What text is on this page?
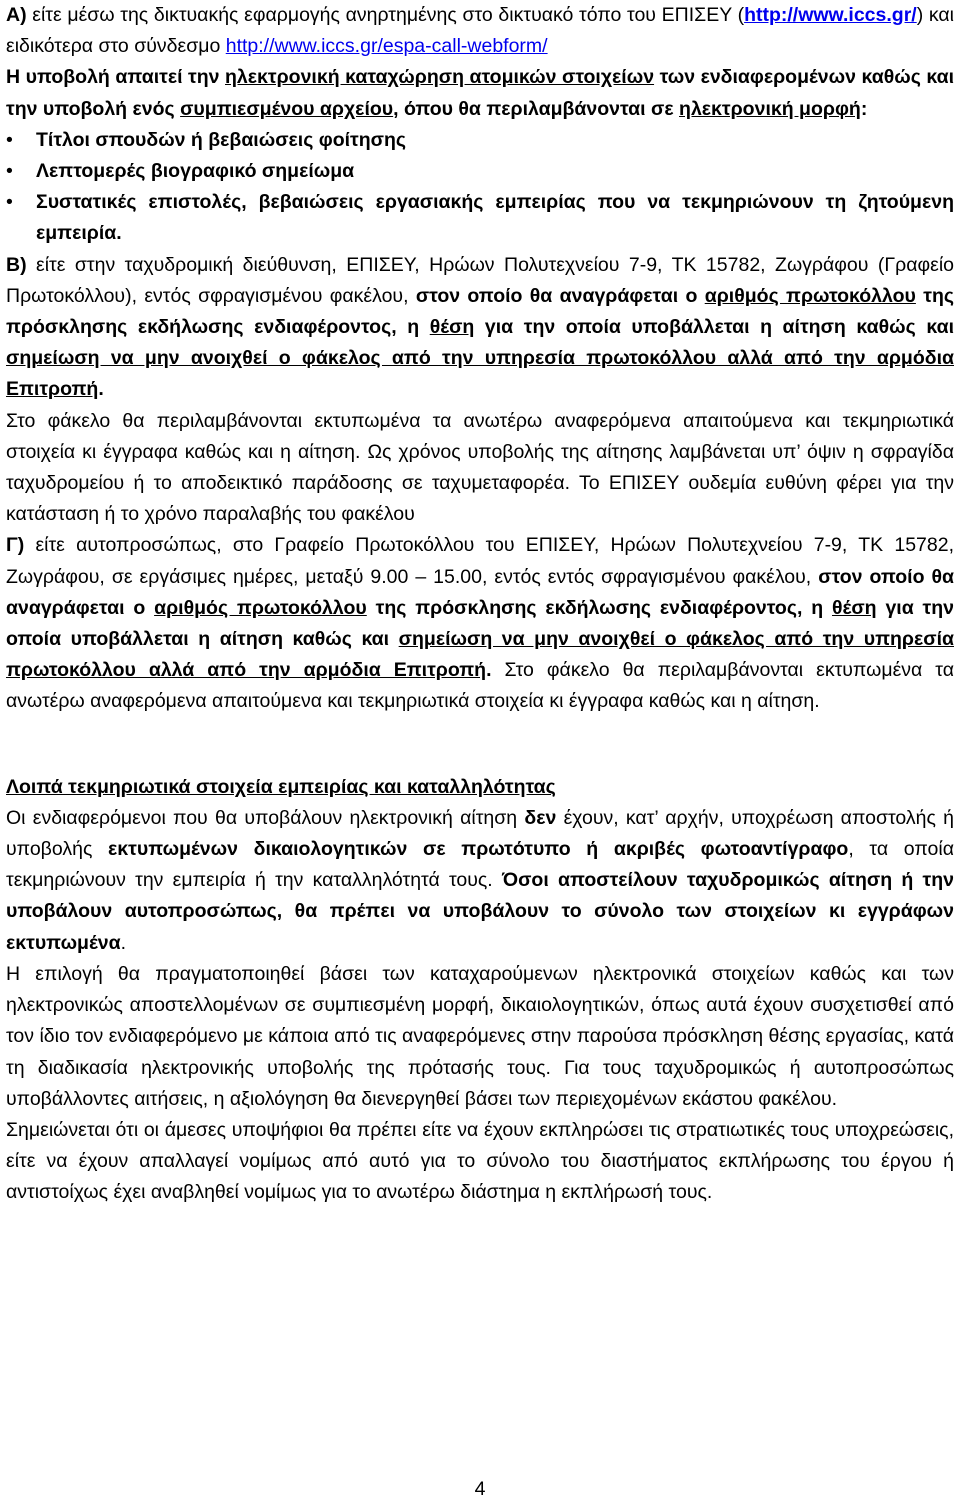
Α) είτε μέσω της δικτυακής εφαρμογής ανηρτημένης στο δικτυακό τόπο του ΕΠΙΣΕΥ (http://www.iccs.gr/) και ειδικότερα στο σύνδεσμο http://www.iccs.gr/espa-call-webform/

Η υποβολή απαιτεί την ηλεκτρονική καταχώρηση ατομικών στοιχείων των ενδιαφερομένων καθώς και την υποβολή ενός συμπιεσμένου αρχείου, όπου θα περιλαμβάνονται σε ηλεκτρονική μορφή:

• Τίτλοι σπουδών ή βεβαιώσεις φοίτησης
• Λεπτομερές βιογραφικό σημείωμα
• Συστατικές επιστολές, βεβαιώσεις εργασιακής εμπειρίας που να τεκμηριώνουν τη ζητούμενη εμπειρία.

Β) είτε στην ταχυδρομική διεύθυνση, ΕΠΙΣΕΥ, Ηρώων Πολυτεχνείου 7-9, ΤΚ 15782, Ζωγράφου (Γραφείο Πρωτοκόλλου), εντός σφραγισμένου φακέλου, στον οποίο θα αναγράφεται ο αριθμός πρωτοκόλλου της πρόσκλησης εκδήλωσης ενδιαφέροντος, η θέση για την οποία υποβάλλεται η αίτηση καθώς και σημείωση να μην ανοιχθεί ο φάκελος από την υπηρεσία πρωτοκόλλου αλλά από την αρμόδια Επιτροπή.

Στο φάκελο θα περιλαμβάνονται εκτυπωμένα τα ανωτέρω αναφερόμενα απαιτούμενα και τεκμηριωτικά στοιχεία κι έγγραφα καθώς και η αίτηση. Ως χρόνος υποβολής της αίτησης λαμβάνεται υπ’ όψιν η σφραγίδα ταχυδρομείου ή το αποδεικτικό παράδοσης σε ταχυμεταφορέα. Το ΕΠΙΣΕΥ ουδεμία ευθύνη φέρει για την κατάσταση ή το χρόνο παραλαβής του φακέλου

Γ) είτε αυτοπροσώπως, στο Γραφείο Πρωτοκόλλου του ΕΠΙΣΕΥ, Ηρώων Πολυτεχνείου 7-9, ΤΚ 15782, Ζωγράφου, σε εργάσιμες ημέρες, μεταξύ 9.00 – 15.00, εντός εντός σφραγισμένου φακέλου, στον οποίο θα αναγράφεται ο αριθμός πρωτοκόλλου της πρόσκλησης εκδήλωσης ενδιαφέροντος, η θέση για την οποία υποβάλλεται η αίτηση καθώς και σημείωση να μην ανοιχθεί ο φάκελος από την υπηρεσία πρωτοκόλλου αλλά από την αρμόδια Επιτροπή. Στο φάκελο θα περιλαμβάνονται εκτυπωμένα τα ανωτέρω αναφερόμενα απαιτούμενα και τεκμηριωτικά στοιχεία κι έγγραφα καθώς και η αίτηση.

Λοιπά τεκμηριωτικά στοιχεία εμπειρίας και καταλληλότητας

Οι ενδιαφερόμενοι που θα υποβάλουν ηλεκτρονική αίτηση δεν έχουν, κατ’ αρχήν, υποχρέωση αποστολής ή υποβολής εκτυπωμένων δικαιολογητικών σε πρωτότυπο ή ακριβές φωτοαντίγραφο, τα οποία τεκμηριώνουν την εμπειρία ή την καταλληλότητά τους. Όσοι αποστείλουν ταχυδρομικώς αίτηση ή την υποβάλουν αυτοπροσώπως, θα πρέπει να υποβάλουν το σύνολο των στοιχείων κι εγγράφων εκτυπωμένα.

Η επιλογή θα πραγματοποιηθεί βάσει των καταχαρούμενων ηλεκτρονικά στοιχείων καθώς και των ηλεκτρονικώς αποστελλομένων σε συμπιεσμένη μορφή, δικαιολογητικών, όπως αυτά έχουν συσχετισθεί από τον ίδιο τον ενδιαφερόμενο με κάποια από τις αναφερόμενες στην παρούσα πρόσκληση θέσης εργασίας, κατά τη διαδικασία ηλεκτρονικής υποβολής της πρότασής τους. Για τους ταχυδρομικώς ή αυτοπροσώπως υποβάλλοντες αιτήσεις, η αξιολόγηση θα διενεργηθεί βάσει των περιεχομένων εκάστου φακέλου.

Σημειώνεται ότι οι άμεσες υποψήφιοι θα πρέπει είτε να έχουν εκπληρώσει τις στρατιωτικές τους υποχρεώσεις, είτε να έχουν απαλλαγεί νομίμως από αυτό για το σύνολο του διαστήματος εκπλήρωσης του έργου ή αντιστοίχως έχει αναβληθεί νομίμως για το ανωτέρω διάστημα η εκπλήρωσή τους.

4
